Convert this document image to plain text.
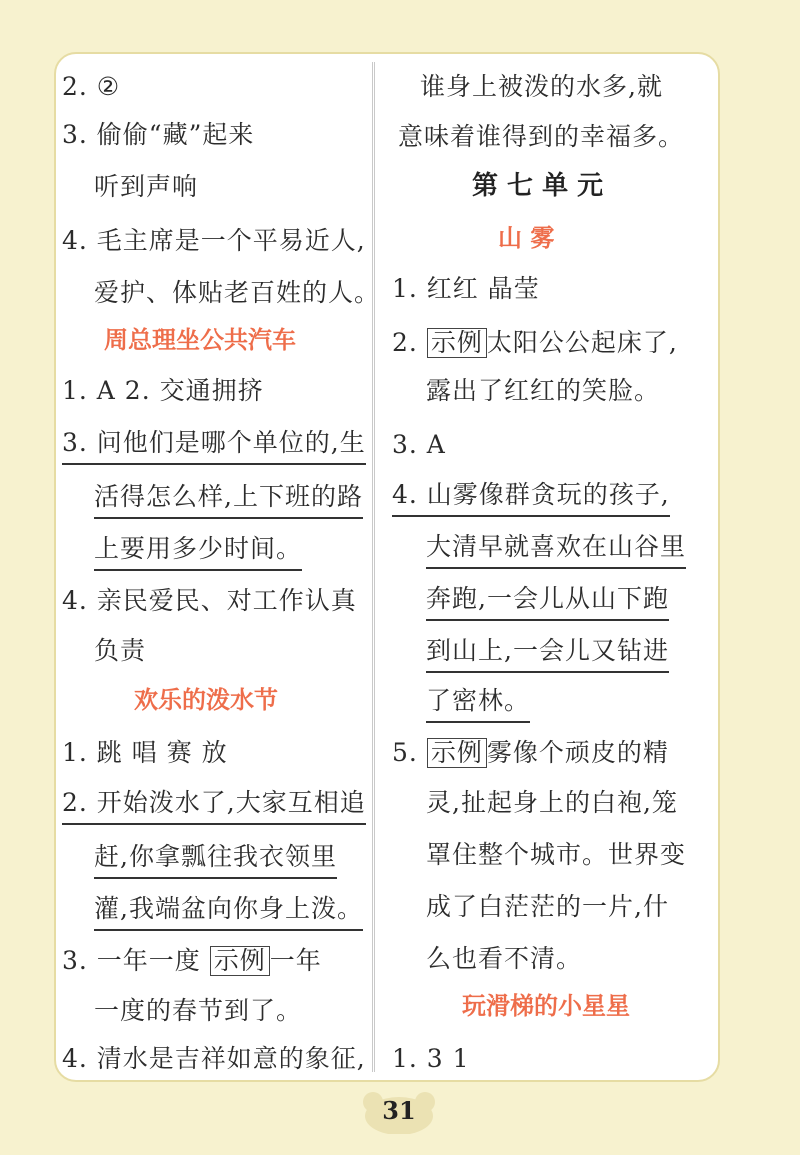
2. ②
3. 偷偷“藏”起来
听到声响
4. 毛主席是一个平易近人,
爱护、体贴老百姓的人。
周总理坐公共汽车
1. A 2. 交通拥挤
3. 问他们是哪个单位的,生
活得怎么样,上下班的路
上要用多少时间。
4. 亲民爱民、对工作认真
负责
欢乐的泼水节
1. 跳 唱 赛 放
2. 开始泼水了,大家互相追
赶,你拿瓢往我衣领里
灌,我端盆向你身上泼。
3. 一年一度 示例 一年
一度的春节到了。
4. 清水是吉祥如意的象征,
谁身上被泼的水多,就
意味着谁得到的幸福多。
第 七 单 元
山 雾
1. 红红 晶莹
2. 示例 太阳公公起床了,
露出了红红的笑脸。
3. A
4. 山雾像群贪玩的孩子,
大清早就喜欢在山谷里
奔跑,一会儿从山下跑
到山上,一会儿又钻进
了密林。
5. 示例 雾像个顽皮的精
灵,扯起身上的白袍,笼
罩住整个城市。世界变
成了白茫茫的一片,什
么也看不清。
玩滑梯的小星星
1. 3 1
31
